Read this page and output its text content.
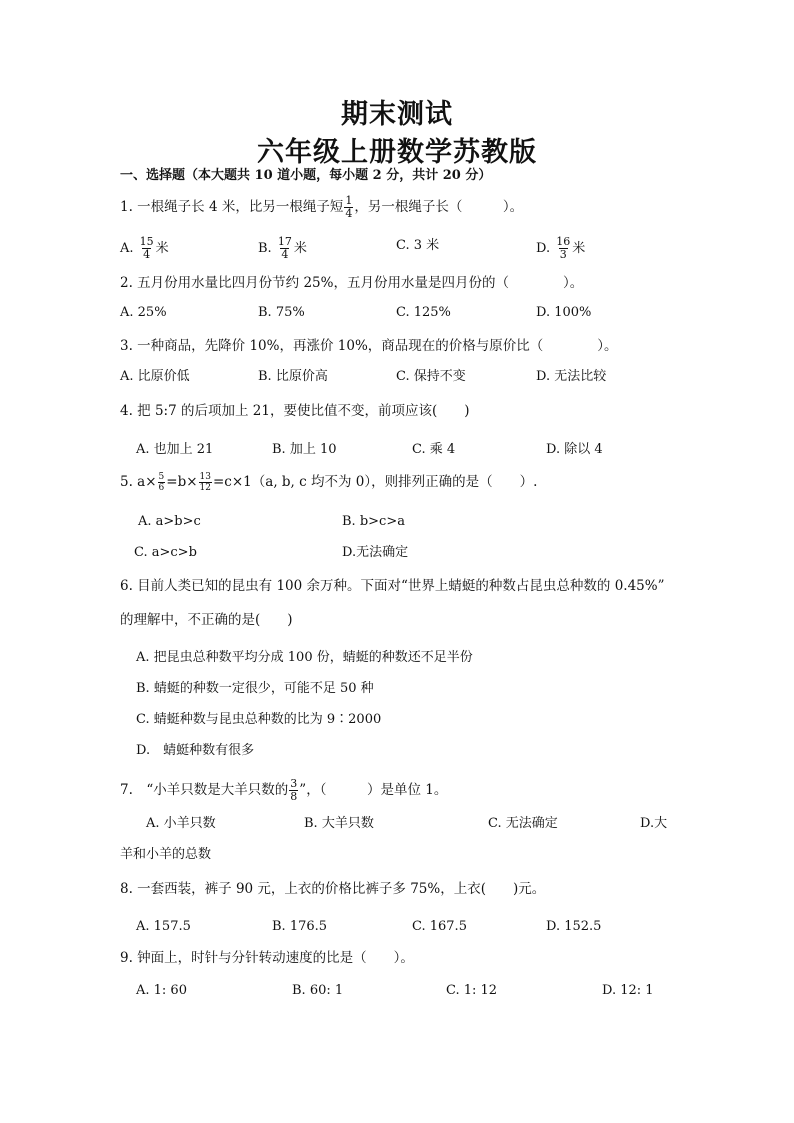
期末测试
六年级上册数学苏教版
一、选择题（本大题共 10 道小题，每小题 2 分，共计 20 分）
1. 一根绳子长 4 米，比另一根绳子短 $\frac{1}{4}$ ，另一根绳子长（　　　）。
A. $\frac{15}{4}$ 米	B. $\frac{17}{4}$ 米	C. 3 米	D. $\frac{16}{3}$ 米
2. 五月份用水量比四月份节约 25%，五月份用水量是四月份的（　　　　）。
A. 25%	B. 75%	C. 125%	D. 100%
3. 一种商品，先降价 10%，再涨价 10%，商品现在的价格与原价比（　　　　）。
A. 比原价低	B. 比原价高	C. 保持不变	D. 无法比较
4. 把 5:7 的后项加上 21，要使比值不变，前项应该(　　)
A. 也加上 21	B. 加上 10	C. 乘 4	D. 除以 4
5. $a\times \frac{5}{6} =b\times \frac{13}{12} =c\times 1(a$, b, c 均不为 0），则排列正确的是（　　）.
A. a>b>c	B. b>c>a
C. a>c>b	D.无法确定
6. 目前人类已知的昆虫有 100 余万种。下面对“世界上蜻蜓的种数占昆虫总种数的 0.45%”
的理解中，不正确的是(　　)
A. 把昆虫总种数平均分成 100 份，蜻蜓的种数还不足半份
B. 蜻蜓的种数一定很少，可能不足 50 种
C. 蜻蜓种数与昆虫总种数的比为 9∶2000
D.　蜻蜓种数有很多
7.　“小羊只数是大羊只数的 $\frac{3}{8}$ ”，（　　　）是单位 1。
A. 小羊只数	B. 大羊只数	C. 无法确定	D.大
羊和小羊的总数
8. 一套西装，裤子 90 元，上衣的价格比裤子多 75%，上衣(　　)元。
A. 157.5	B. 176.5	C. 167.5	D. 152.5
9. 钟面上，时针与分针转动速度的比是（　　）。
A. 1: 60	B. 60: 1	C. 1: 12	D. 12: 1
